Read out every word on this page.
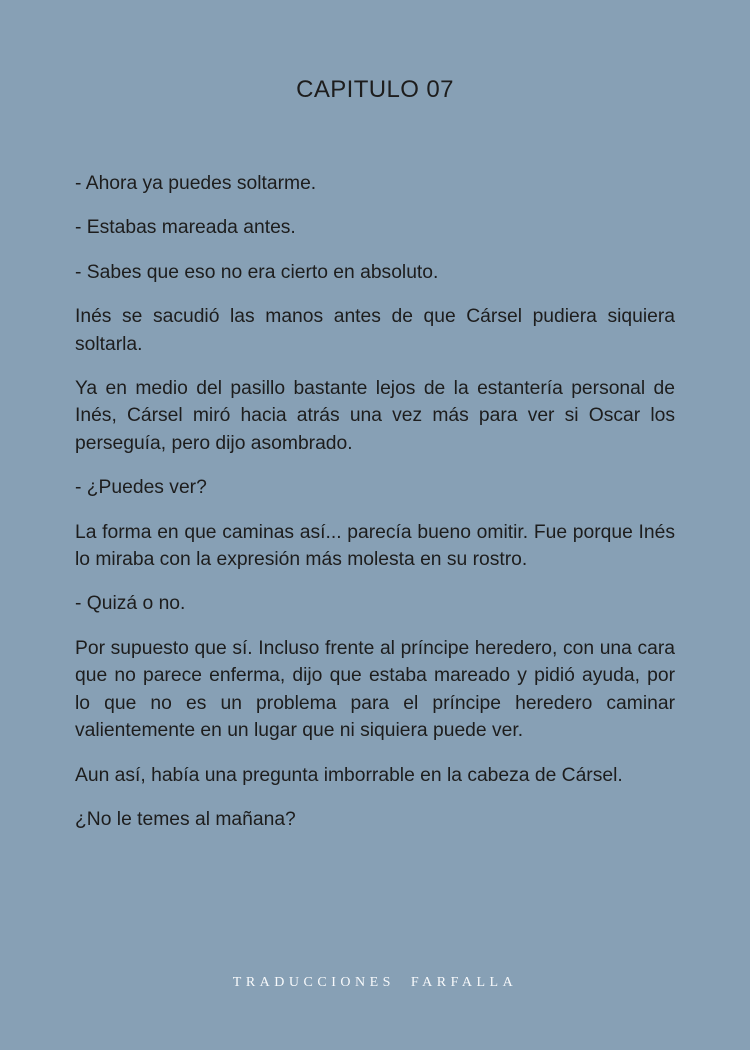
CAPITULO 07

- Ahora ya puedes soltarme.

- Estabas mareada antes.

- Sabes que eso no era cierto en absoluto.

Inés se sacudió las manos antes de que Cársel pudiera siquiera soltarla.

Ya en medio del pasillo bastante lejos de la estantería personal de Inés, Cársel miró hacia atrás una vez más para ver si Oscar los perseguía, pero dijo asombrado.

- ¿Puedes ver?

La forma en que caminas así... parecía bueno omitir. Fue porque Inés lo miraba con la expresión más molesta en su rostro.

- Quizá o no.

Por supuesto que sí. Incluso frente al príncipe heredero, con una cara que no parece enferma, dijo que estaba mareado y pidió ayuda, por lo que no es un problema para el príncipe heredero caminar valientemente en un lugar que ni siquiera puede ver.

Aun así, había una pregunta imborrable en la cabeza de Cársel.

¿No le temes al mañana?

TRADUCCIONES  FARFALLA
